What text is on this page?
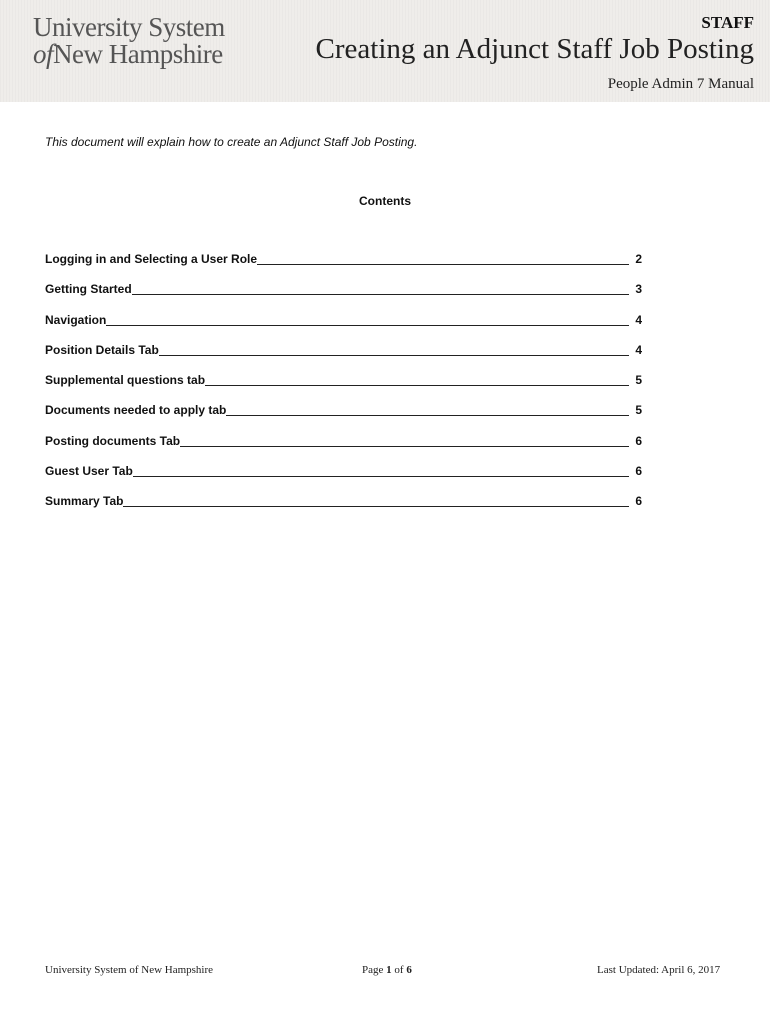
University System
ofNew Hampshire
STAFF
Creating an Adjunct Staff Job Posting
People Admin 7 Manual
This document will explain how to create an Adjunct Staff Job Posting.
Contents
Logging in and Selecting a User Role	2
Getting Started	3
Navigation	4
Position Details Tab	4
Supplemental questions tab	5
Documents needed to apply tab	5
Posting documents Tab	6
Guest User Tab	6
Summary Tab	6
University System of New Hampshire	Page 1 of 6	Last Updated: April 6, 2017
